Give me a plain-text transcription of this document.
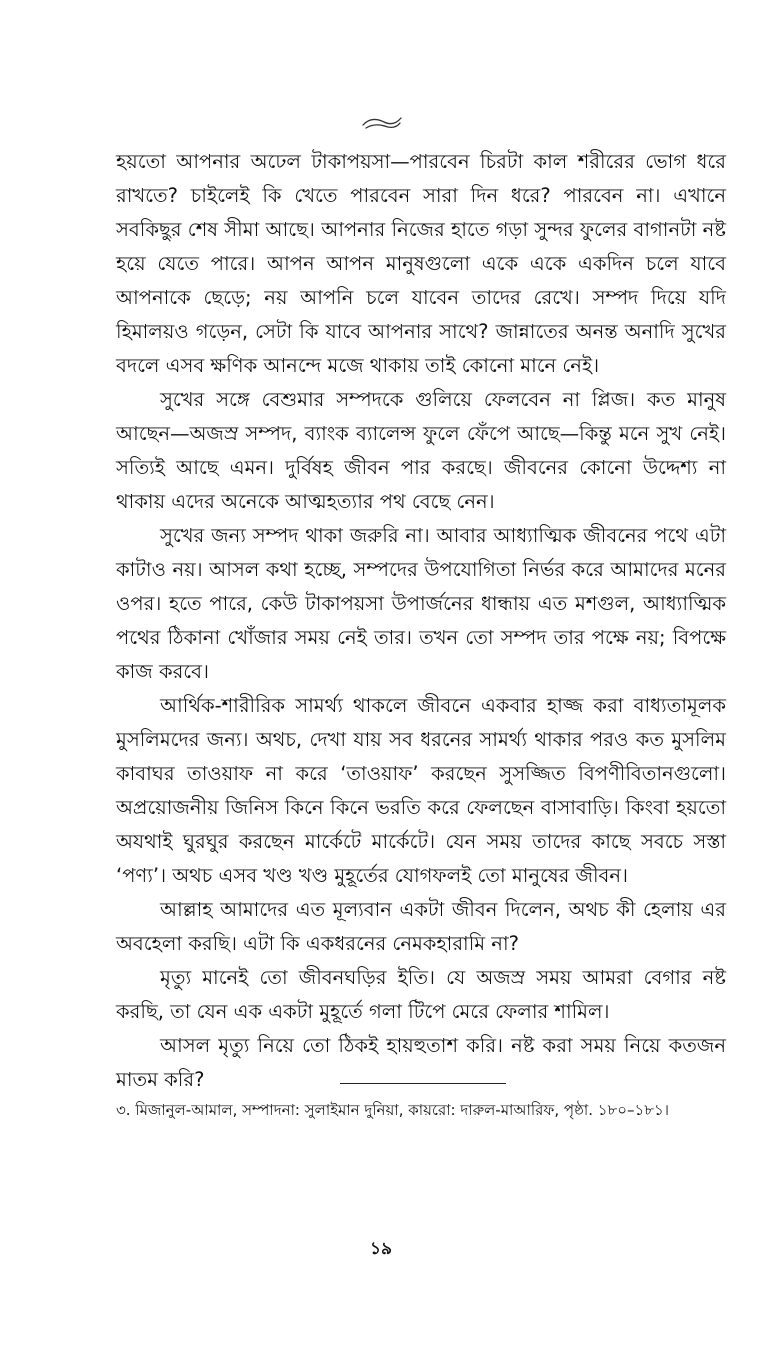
হয়তো আপনার অঢেল টাকাপয়সা—পারবেন চিরটা কাল শরীরের ভোগ ধরে রাখতে? চাইলেই কি খেতে পারবেন সারা দিন ধরে? পারবেন না। এখানে সবকিছুর শেষ সীমা আছে। আপনার নিজের হাতে গড়া সুন্দর ফুলের বাগানটা নষ্ট হয়ে যেতে পারে। আপন আপন মানুষগুলো একে একে একদিন চলে যাবে আপনাকে ছেড়ে; নয় আপনি চলে যাবেন তাদের রেখে। সম্পদ দিয়ে যদি হিমালয়ও গড়েন, সেটা কি যাবে আপনার সাথে? জান্নাতের অনন্ত অনাদি সুখের বদলে এসব ক্ষণিক আনন্দে মজে থাকায় তাই কোনো মানে নেই।

সুখের সঙ্গে বেশুমার সম্পদকে গুলিয়ে ফেলবেন না প্লিজ। কত মানুষ আছেন—অজস্র সম্পদ, ব্যাংক ব্যালেন্স ফুলে ফেঁপে আছে—কিন্তু মনে সুখ নেই। সত্যিই আছে এমন। দুর্বিষহ জীবন পার করছে। জীবনের কোনো উদ্দেশ্য না থাকায় এদের অনেকে আত্মহত্যার পথ বেছে নেন।

সুখের জন্য সম্পদ থাকা জরুরি না। আবার আধ্যাত্মিক জীবনের পথে এটা কাটাও নয়। আসল কথা হচ্ছে, সম্পদের উপযোগিতা নির্ভর করে আমাদের মনের ওপর। হতে পারে, কেউ টাকাপয়সা উপার্জনের ধান্ধায় এত মশগুল, আধ্যাত্মিক পথের ঠিকানা খোঁজার সময় নেই তার। তখন তো সম্পদ তার পক্ষে নয়; বিপক্ষে কাজ করবে।

আর্থিক-শারীরিক সামর্থ্য থাকলে জীবনে একবার হাজ্জ করা বাধ্যতামূলক মুসলিমদের জন্য। অথচ, দেখা যায় সব ধরনের সামর্থ্য থাকার পরও কত মুসলিম কাবাঘর তাওয়াফ না করে ‘তাওয়াফ’ করছেন সুসজ্জিত বিপণীবিতানগুলো। অপ্রয়োজনীয় জিনিস কিনে কিনে ভরতি করে ফেলছেন বাসাবাড়ি। কিংবা হয়তো অযথাই ঘুরঘুর করছেন মার্কেটে মার্কেটে। যেন সময় তাদের কাছে সবচে সস্তা ‘পণ্য’। অথচ এসব খণ্ড খণ্ড মুহূর্তের যোগফলই তো মানুষের জীবন।

আল্লাহ আমাদের এত মূল্যবান একটা জীবন দিলেন, অথচ কী হেলায় এর অবহেলা করছি। এটা কি একধরনের নেমকহারামি না?

মৃত্যু মানেই তো জীবনঘড়ির ইতি। যে অজস্র সময় আমরা বেগার নষ্ট করছি, তা যেন এক একটা মুহূর্তে গলা টিপে মেরে ফেলার শামিল।

আসল মৃত্যু নিয়ে তো ঠিকই হায়হুতাশ করি। নষ্ট করা সময় নিয়ে কতজন মাতম করি?

৩. মিজানুল-আমাল, সম্পাদনা: সুলাইমান দুনিয়া, কায়রো: দারুল-মাআরিফ, পৃষ্ঠা. ১৮০–১৮১।
১৯
